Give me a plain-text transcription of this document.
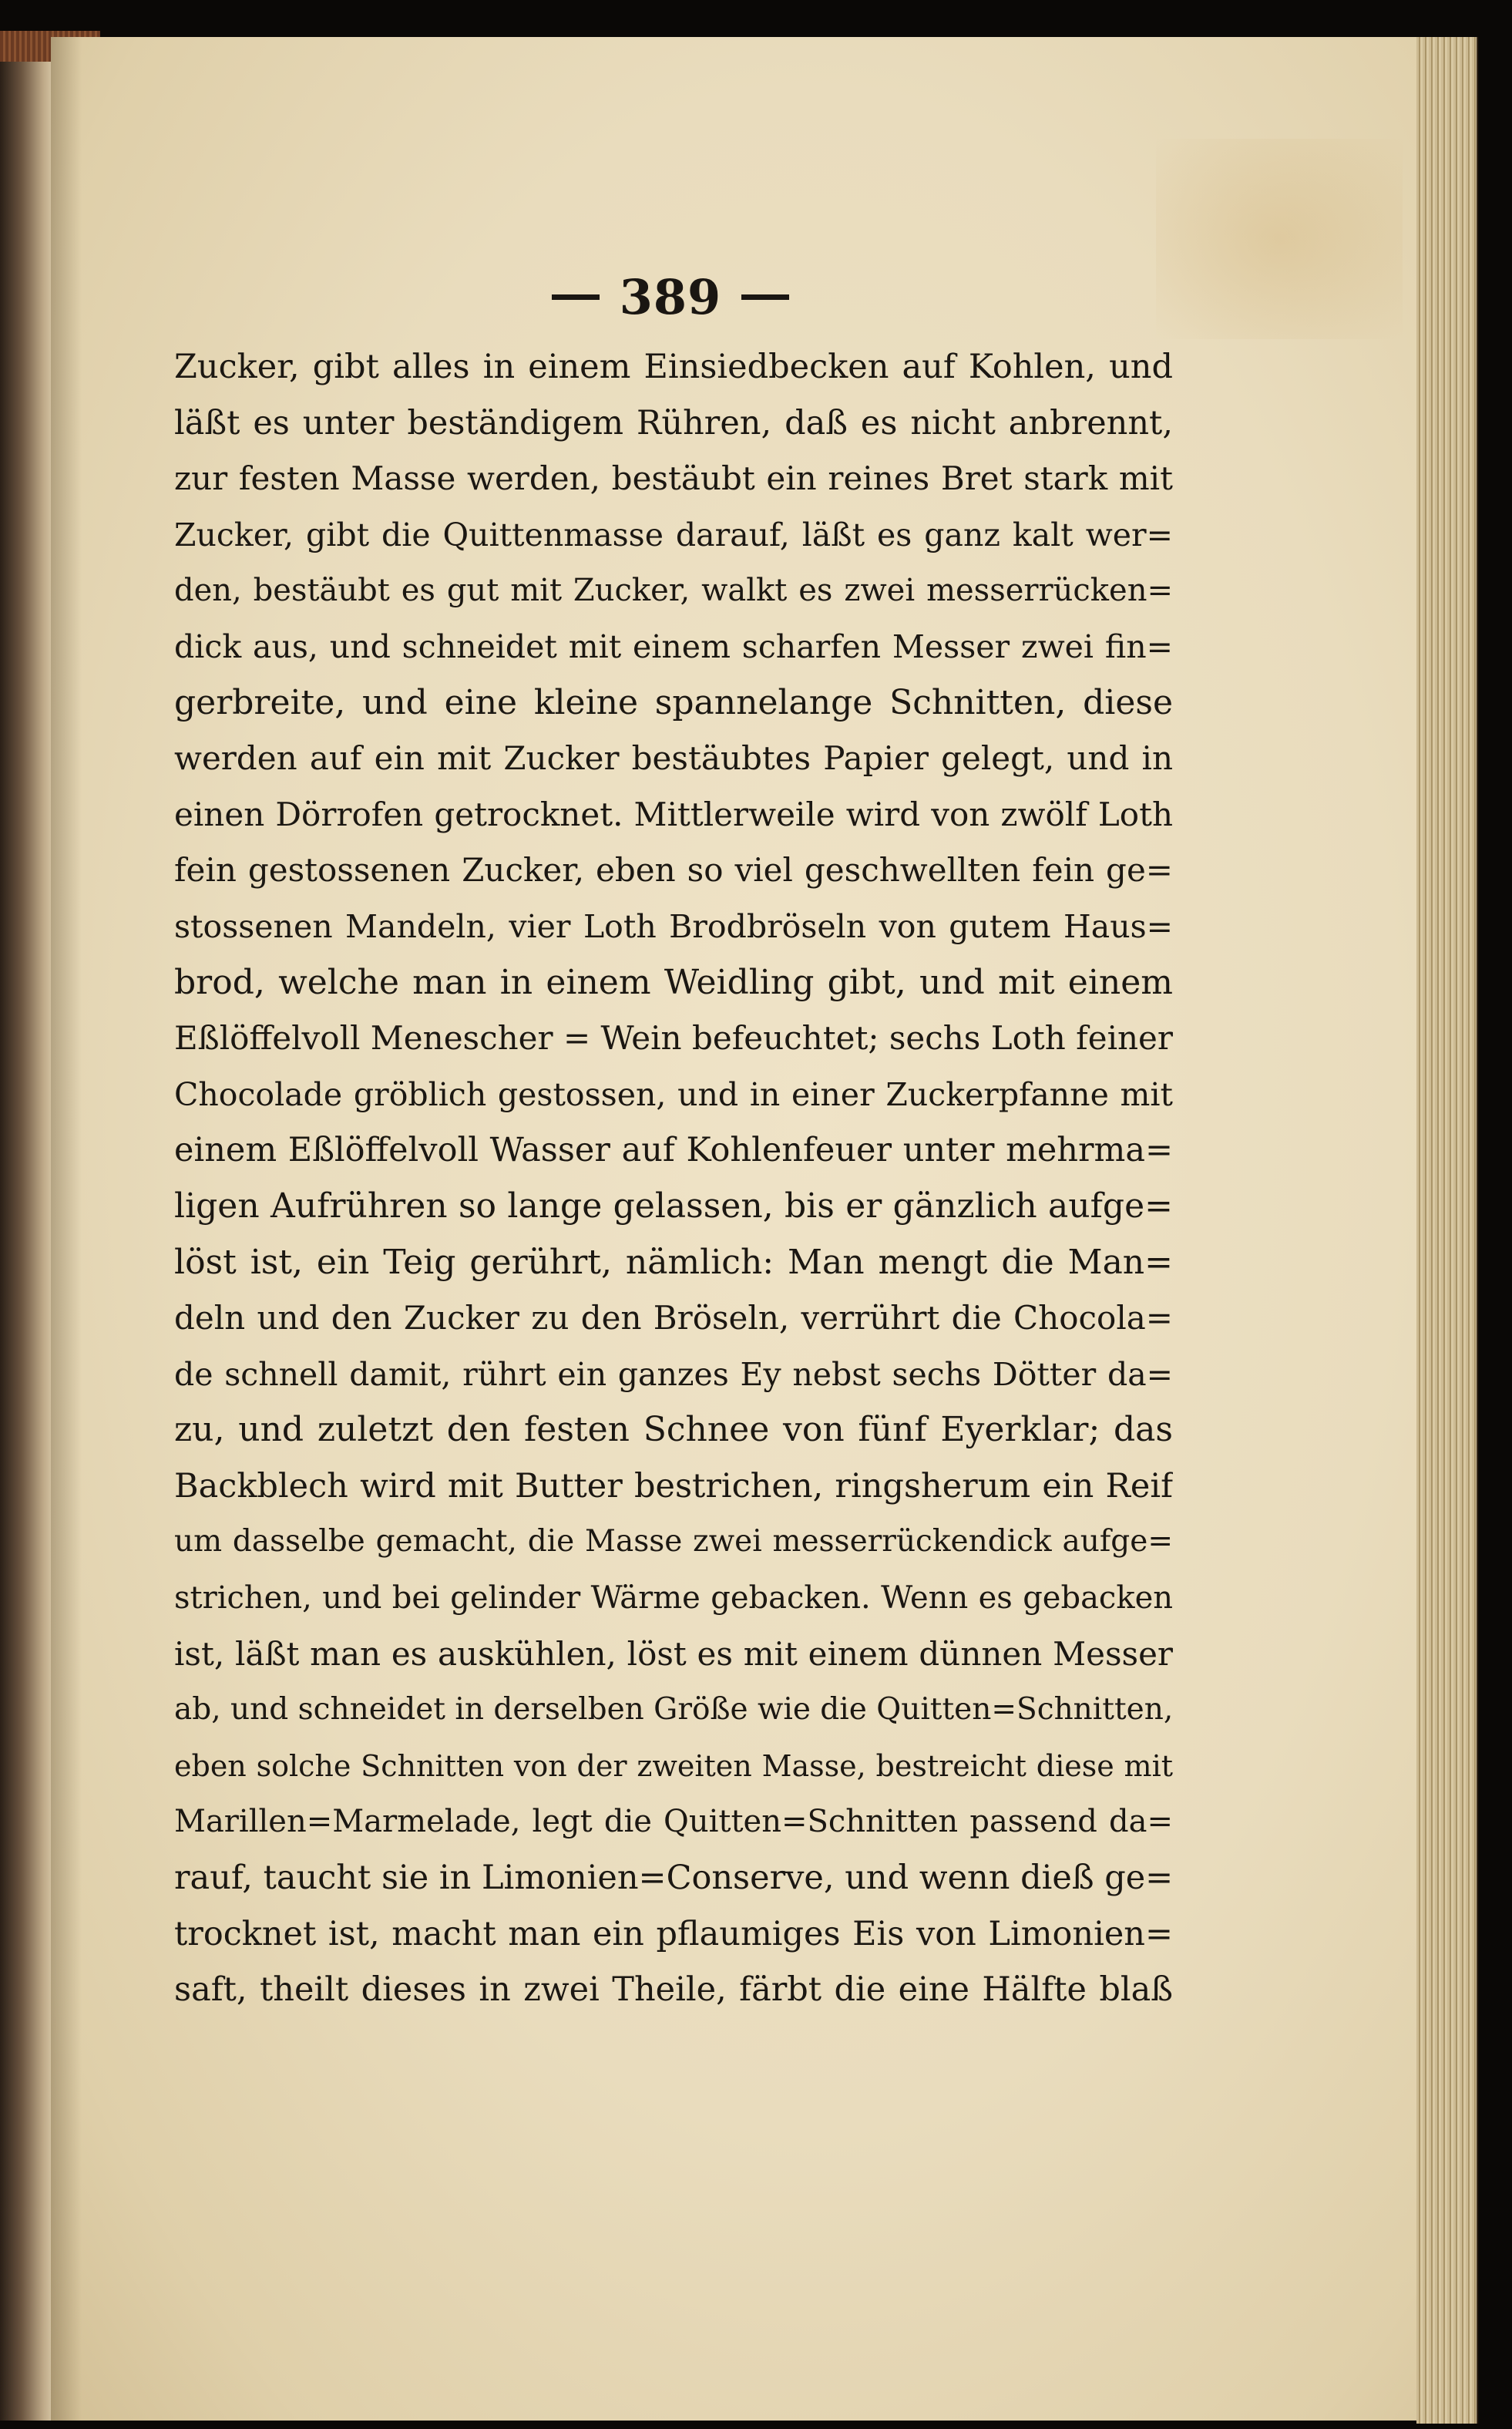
389
Zucker, gibt alles in einem Einsiedbecken auf Kohlen, und
läßt es unter beständigem Rühren, daß es nicht anbrennt,
zur festen Masse werden, bestäubt ein reines Bret stark mit
Zucker, gibt die Quittenmasse darauf, läßt es ganz kalt wer=
den, bestäubt es gut mit Zucker, walkt es zwei messerrücken=
dick aus, und schneidet mit einem scharfen Messer zwei fin=
gerbreite, und eine kleine spannelange Schnitten, diese
werden auf ein mit Zucker bestäubtes Papier gelegt, und in
einen Dörrofen getrocknet. Mittlerweile wird von zwölf Loth
fein gestossenen Zucker, eben so viel geschwellten fein ge=
stossenen Mandeln, vier Loth Brodbröseln von gutem Haus=
brod, welche man in einem Weidling gibt, und mit einem
Eßlöffelvoll Menescher = Wein befeuchtet; sechs Loth feiner
Chocolade gröblich gestossen, und in einer Zuckerpfanne mit
einem Eßlöffelvoll Wasser auf Kohlenfeuer unter mehrma=
ligen Aufrühren so lange gelassen, bis er gänzlich aufge=
löst ist, ein Teig gerührt, nämlich: Man mengt die Man=
deln und den Zucker zu den Bröseln, verrührt die Chocola=
de schnell damit, rührt ein ganzes Ey nebst sechs Dötter da=
zu, und zuletzt den festen Schnee von fünf Eyerklar; das
Backblech wird mit Butter bestrichen, ringsherum ein Reif
um dasselbe gemacht, die Masse zwei messerrückendick aufge=
strichen, und bei gelinder Wärme gebacken. Wenn es gebacken
ist, läßt man es auskühlen, löst es mit einem dünnen Messer
ab, und schneidet in derselben Größe wie die Quitten=Schnitten,
eben solche Schnitten von der zweiten Masse, bestreicht diese mit
Marillen=Marmelade, legt die Quitten=Schnitten passend da=
rauf, taucht sie in Limonien=Conserve, und wenn dieß ge=
trocknet ist, macht man ein pflaumiges Eis von Limonien=
saft, theilt dieses in zwei Theile, färbt die eine Hälfte blaß
